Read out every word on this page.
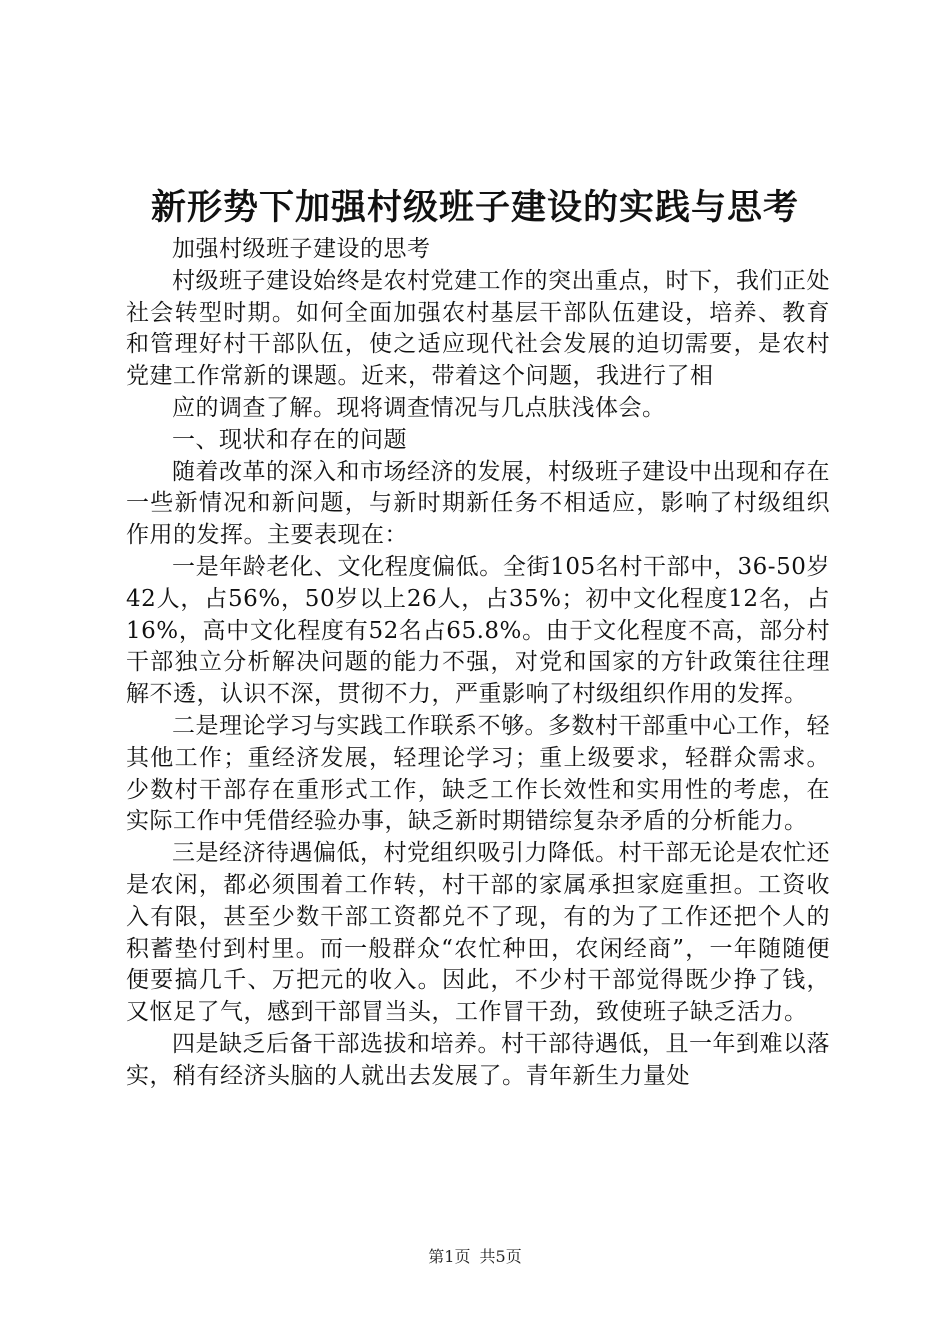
新形势下加强村级班子建设的实践与思考

加强村级班子建设的思考

村级班子建设始终是农村党建工作的突出重点，时下，我们正处社会转型时期。如何全面加强农村基层干部队伍建设，培养、教育和管理好村干部队伍，使之适应现代社会发展的迫切需要，是农村党建工作常新的课题。近来，带着这个问题，我进行了相

应的调查了解。现将调查情况与几点肤浅体会。

一、现状和存在的问题

随着改革的深入和市场经济的发展，村级班子建设中出现和存在一些新情况和新问题，与新时期新任务不相适应，影响了村级组织作用的发挥。主要表现在：

一是年龄老化、文化程度偏低。全街105名村干部中，36-50岁42人，占56%，50岁以上26人，占35%；初中文化程度12名，占16%，高中文化程度有52名占65.8%。由于文化程度不高，部分村干部独立分析解决问题的能力不强，对党和国家的方针政策往往理解不透，认识不深，贯彻不力，严重影响了村级组织作用的发挥。

二是理论学习与实践工作联系不够。多数村干部重中心工作，轻其他工作；重经济发展，轻理论学习；重上级要求，轻群众需求。少数村干部存在重形式工作，缺乏工作长效性和实用性的考虑，在实际工作中凭借经验办事，缺乏新时期错综复杂矛盾的分析能力。

三是经济待遇偏低，村党组织吸引力降低。村干部无论是农忙还是农闲，都必须围着工作转，村干部的家属承担家庭重担。工资收入有限，甚至少数干部工资都兑不了现，有的为了工作还把个人的积蓄垫付到村里。而一般群众“农忙种田，农闲经商”，一年随随便便要搞几千、万把元的收入。因此，不少村干部觉得既少挣了钱，又怄足了气，感到干部冒当头，工作冒干劲，致使班子缺乏活力。

四是缺乏后备干部选拔和培养。村干部待遇低，且一年到难以落实，稍有经济头脑的人就出去发展了。青年新生力量处

第1页 共5页
